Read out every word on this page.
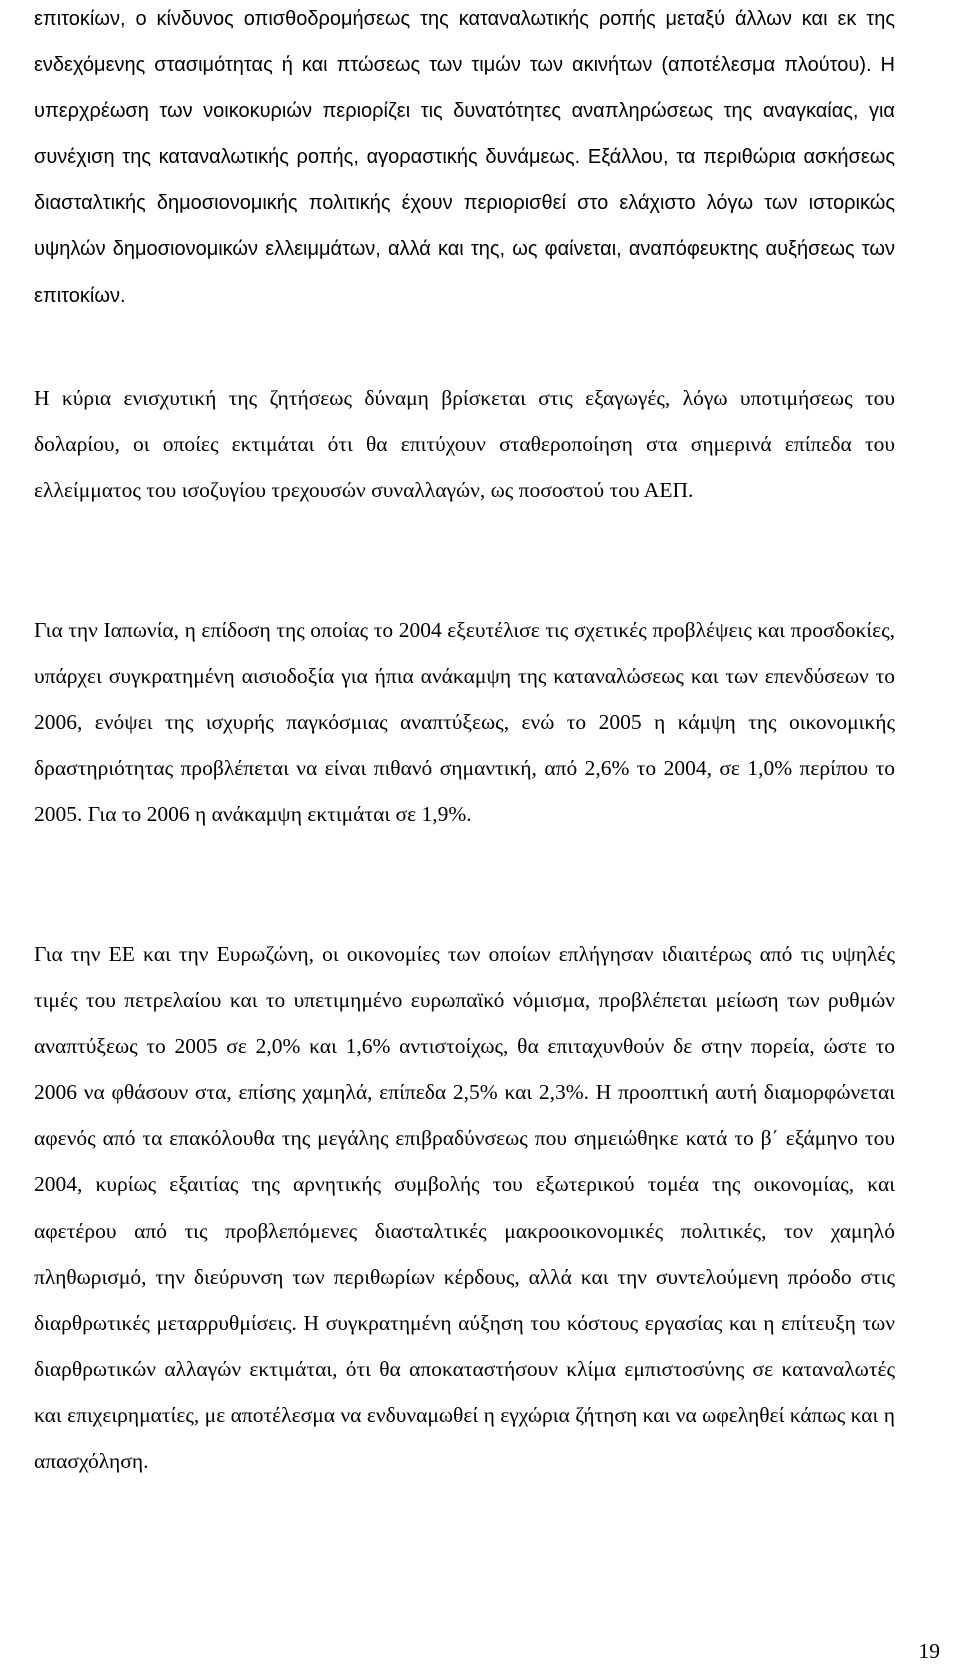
επιτοκίων, ο κίνδυνος οπισθοδρομήσεως της καταναλωτικής ροπής μεταξύ άλλων και εκ της ενδεχόμενης στασιμότητας ή και πτώσεως των τιμών των ακινήτων (αποτέλεσμα πλούτου). Η υπερχρέωση των νοικοκυριών περιορίζει τις δυνατότητες αναπληρώσεως της αναγκαίας, για συνέχιση της καταναλωτικής ροπής, αγοραστικής δυνάμεως. Εξάλλου, τα περιθώρια ασκήσεως διασταλτικής δημοσιονομικής πολιτικής έχουν περιορισθεί στο ελάχιστο λόγω των ιστορικώς υψηλών δημοσιονομικών ελλειμμάτων, αλλά και της, ως φαίνεται, αναπόφευκτης αυξήσεως των επιτοκίων.

Η κύρια ενισχυτική της ζητήσεως δύναμη βρίσκεται στις εξαγωγές, λόγω υποτιμήσεως του δολαρίου, οι οποίες εκτιμάται ότι θα επιτύχουν σταθεροποίηση στα σημερινά επίπεδα του ελλείμματος του ισοζυγίου τρεχουσών συναλλαγών, ως ποσοστού του ΑΕΠ.

Για την Ιαπωνία, η επίδοση της οποίας το 2004 εξευτέλισε τις σχετικές προβλέψεις και προσδοκίες, υπάρχει συγκρατημένη αισιοδοξία για ήπια ανάκαμψη της καταναλώσεως και των επενδύσεων το 2006, ενόψει της ισχυρής παγκόσμιας αναπτύξεως, ενώ το 2005 η κάμψη της οικονομικής δραστηριότητας προβλέπεται να είναι πιθανό σημαντική, από 2,6% το 2004, σε 1,0% περίπου το 2005. Για το 2006 η ανάκαμψη εκτιμάται σε 1,9%.

Για την ΕΕ και την Ευρωζώνη, οι οικονομίες των οποίων επλήγησαν ιδιαιτέρως από τις υψηλές τιμές του πετρελαίου και το υπετιμημένο ευρωπαϊκό νόμισμα, προβλέπεται μείωση των ρυθμών αναπτύξεως το 2005 σε 2,0% και 1,6% αντιστοίχως, θα επιταχυνθούν δε στην πορεία, ώστε το 2006 να φθάσουν στα, επίσης χαμηλά, επίπεδα 2,5% και 2,3%. Η προοπτική αυτή διαμορφώνεται αφενός από τα επακόλουθα της μεγάλης επιβραδύνσεως που σημειώθηκε κατά το β΄ εξάμηνο του 2004, κυρίως εξαιτίας της αρνητικής συμβολής του εξωτερικού τομέα της οικονομίας, και αφετέρου από τις προβλεπόμενες διασταλτικές μακροοικονομικές πολιτικές, τον χαμηλό πληθωρισμό, την διεύρυνση των περιθωρίων κέρδους, αλλά και την συντελούμενη πρόοδο στις διαρθρωτικές μεταρρυθμίσεις. Η συγκρατημένη αύξηση του κόστους εργασίας και η επίτευξη των διαρθρωτικών αλλαγών εκτιμάται, ότι θα αποκαταστήσουν κλίμα εμπιστοσύνης σε καταναλωτές και επιχειρηματίες, με αποτέλεσμα να ενδυναμωθεί η εγχώρια ζήτηση και να ωφεληθεί κάπως και η απασχόληση.

19
